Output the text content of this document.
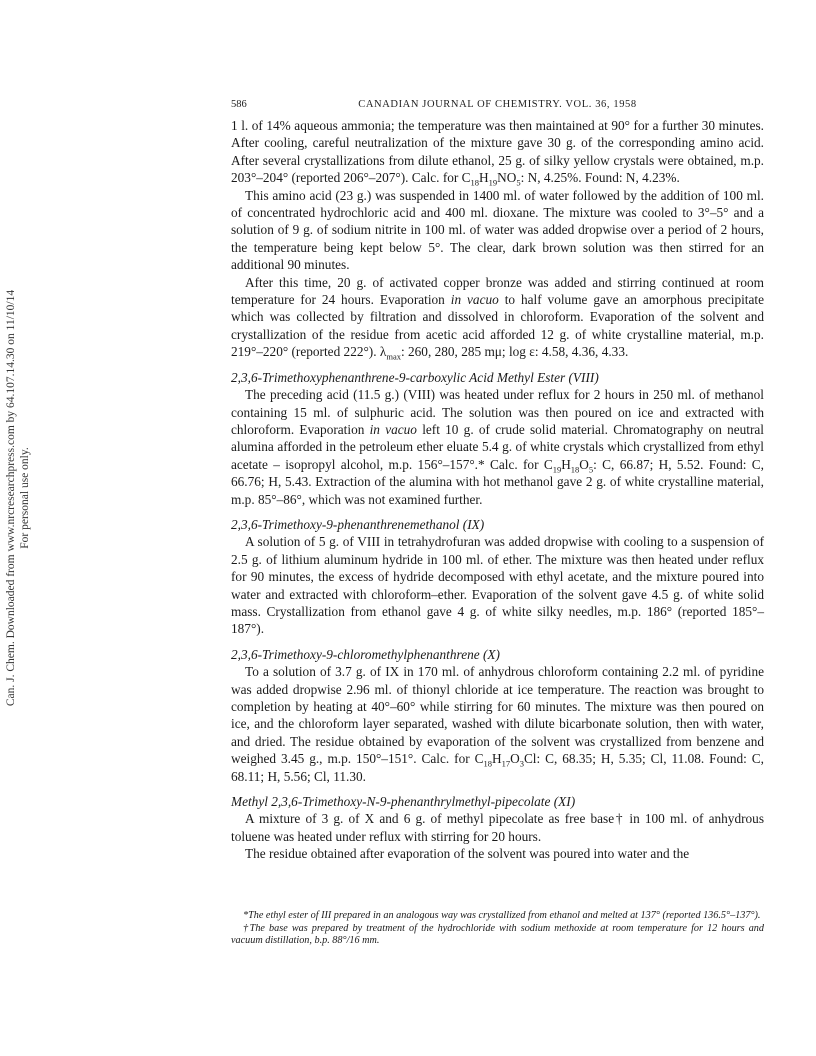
Can. J. Chem. Downloaded from www.nrcresearchpress.com by 64.107.14.30 on 11/10/14 For personal use only.
586	CANADIAN JOURNAL OF CHEMISTRY. VOL. 36, 1958

1 l. of 14% aqueous ammonia; the temperature was then maintained at 90° for a further 30 minutes. After cooling, careful neutralization of the mixture gave 30 g. of the corresponding amino acid. After several crystallizations from dilute ethanol, 25 g. of silky yellow crystals were obtained, m.p. 203°–204° (reported 206°–207°). Calc. for $C_{18}H_{19}NO_5$: N, 4.25%. Found: N, 4.23%.

This amino acid (23 g.) was suspended in 1400 ml. of water followed by the addition of 100 ml. of concentrated hydrochloric acid and 400 ml. dioxane. The mixture was cooled to 3°–5° and a solution of 9 g. of sodium nitrite in 100 ml. of water was added dropwise over a period of 2 hours, the temperature being kept below 5°. The clear, dark brown solution was then stirred for an additional 90 minutes.

After this time, 20 g. of activated copper bronze was added and stirring continued at room temperature for 24 hours. Evaporation in vacuo to half volume gave an amorphous precipitate which was collected by filtration and dissolved in chloroform. Evaporation of the solvent and crystallization of the residue from acetic acid afforded 12 g. of white crystalline material, m.p. 219°–220° (reported 222°). $\lambda_{max}$: 260, 280, 285 mμ; log ε: 4.58, 4.36, 4.33.

2,3,6-Trimethoxyphenanthrene-9-carboxylic Acid Methyl Ester (VIII)

The preceding acid (11.5 g.) (VIII) was heated under reflux for 2 hours in 250 ml. of methanol containing 15 ml. of sulphuric acid. The solution was then poured on ice and extracted with chloroform. Evaporation in vacuo left 10 g. of crude solid material. Chromatography on neutral alumina afforded in the petroleum ether eluate 5.4 g. of white crystals which crystallized from ethyl acetate – isopropyl alcohol, m.p. 156°–157°.* Calc. for $C_{19}H_{18}O_5$: C, 66.87; H, 5.52. Found: C, 66.76; H, 5.43. Extraction of the alumina with hot methanol gave 2 g. of white crystalline material, m.p. 85°–86°, which was not examined further.

2,3,6-Trimethoxy-9-phenanthrenemethanol (IX)

A solution of 5 g. of VIII in tetrahydrofuran was added dropwise with cooling to a suspension of 2.5 g. of lithium aluminum hydride in 100 ml. of ether. The mixture was then heated under reflux for 90 minutes, the excess of hydride decomposed with ethyl acetate, and the mixture poured into water and extracted with chloroform–ether. Evaporation of the solvent gave 4.5 g. of white solid mass. Crystallization from ethanol gave 4 g. of white silky needles, m.p. 186° (reported 185°–187°).

2,3,6-Trimethoxy-9-chloromethylphenanthrene (X)

To a solution of 3.7 g. of IX in 170 ml. of anhydrous chloroform containing 2.2 ml. of pyridine was added dropwise 2.96 ml. of thionyl chloride at ice temperature. The reaction was brought to completion by heating at 40°–60° while stirring for 60 minutes. The mixture was then poured on ice, and the chloroform layer separated, washed with dilute bicarbonate solution, then with water, and dried. The residue obtained by evaporation of the solvent was crystallized from benzene and weighed 3.45 g., m.p. 150°–151°. Calc. for $C_{18}H_{17}O_3Cl$: C, 68.35; H, 5.35; Cl, 11.08. Found: C, 68.11; H, 5.56; Cl, 11.30.

Methyl 2,3,6-Trimethoxy-N-9-phenanthrylmethyl-pipecolate (XI)

A mixture of 3 g. of X and 6 g. of methyl pipecolate as free base† in 100 ml. of anhydrous toluene was heated under reflux with stirring for 20 hours.

The residue obtained after evaporation of the solvent was poured into water and the

*The ethyl ester of III prepared in an analogous way was crystallized from ethanol and melted at 137° (reported 136.5°–137°).

†The base was prepared by treatment of the hydrochloride with sodium methoxide at room temperature for 12 hours and vacuum distillation, b.p. 88°/16 mm.
